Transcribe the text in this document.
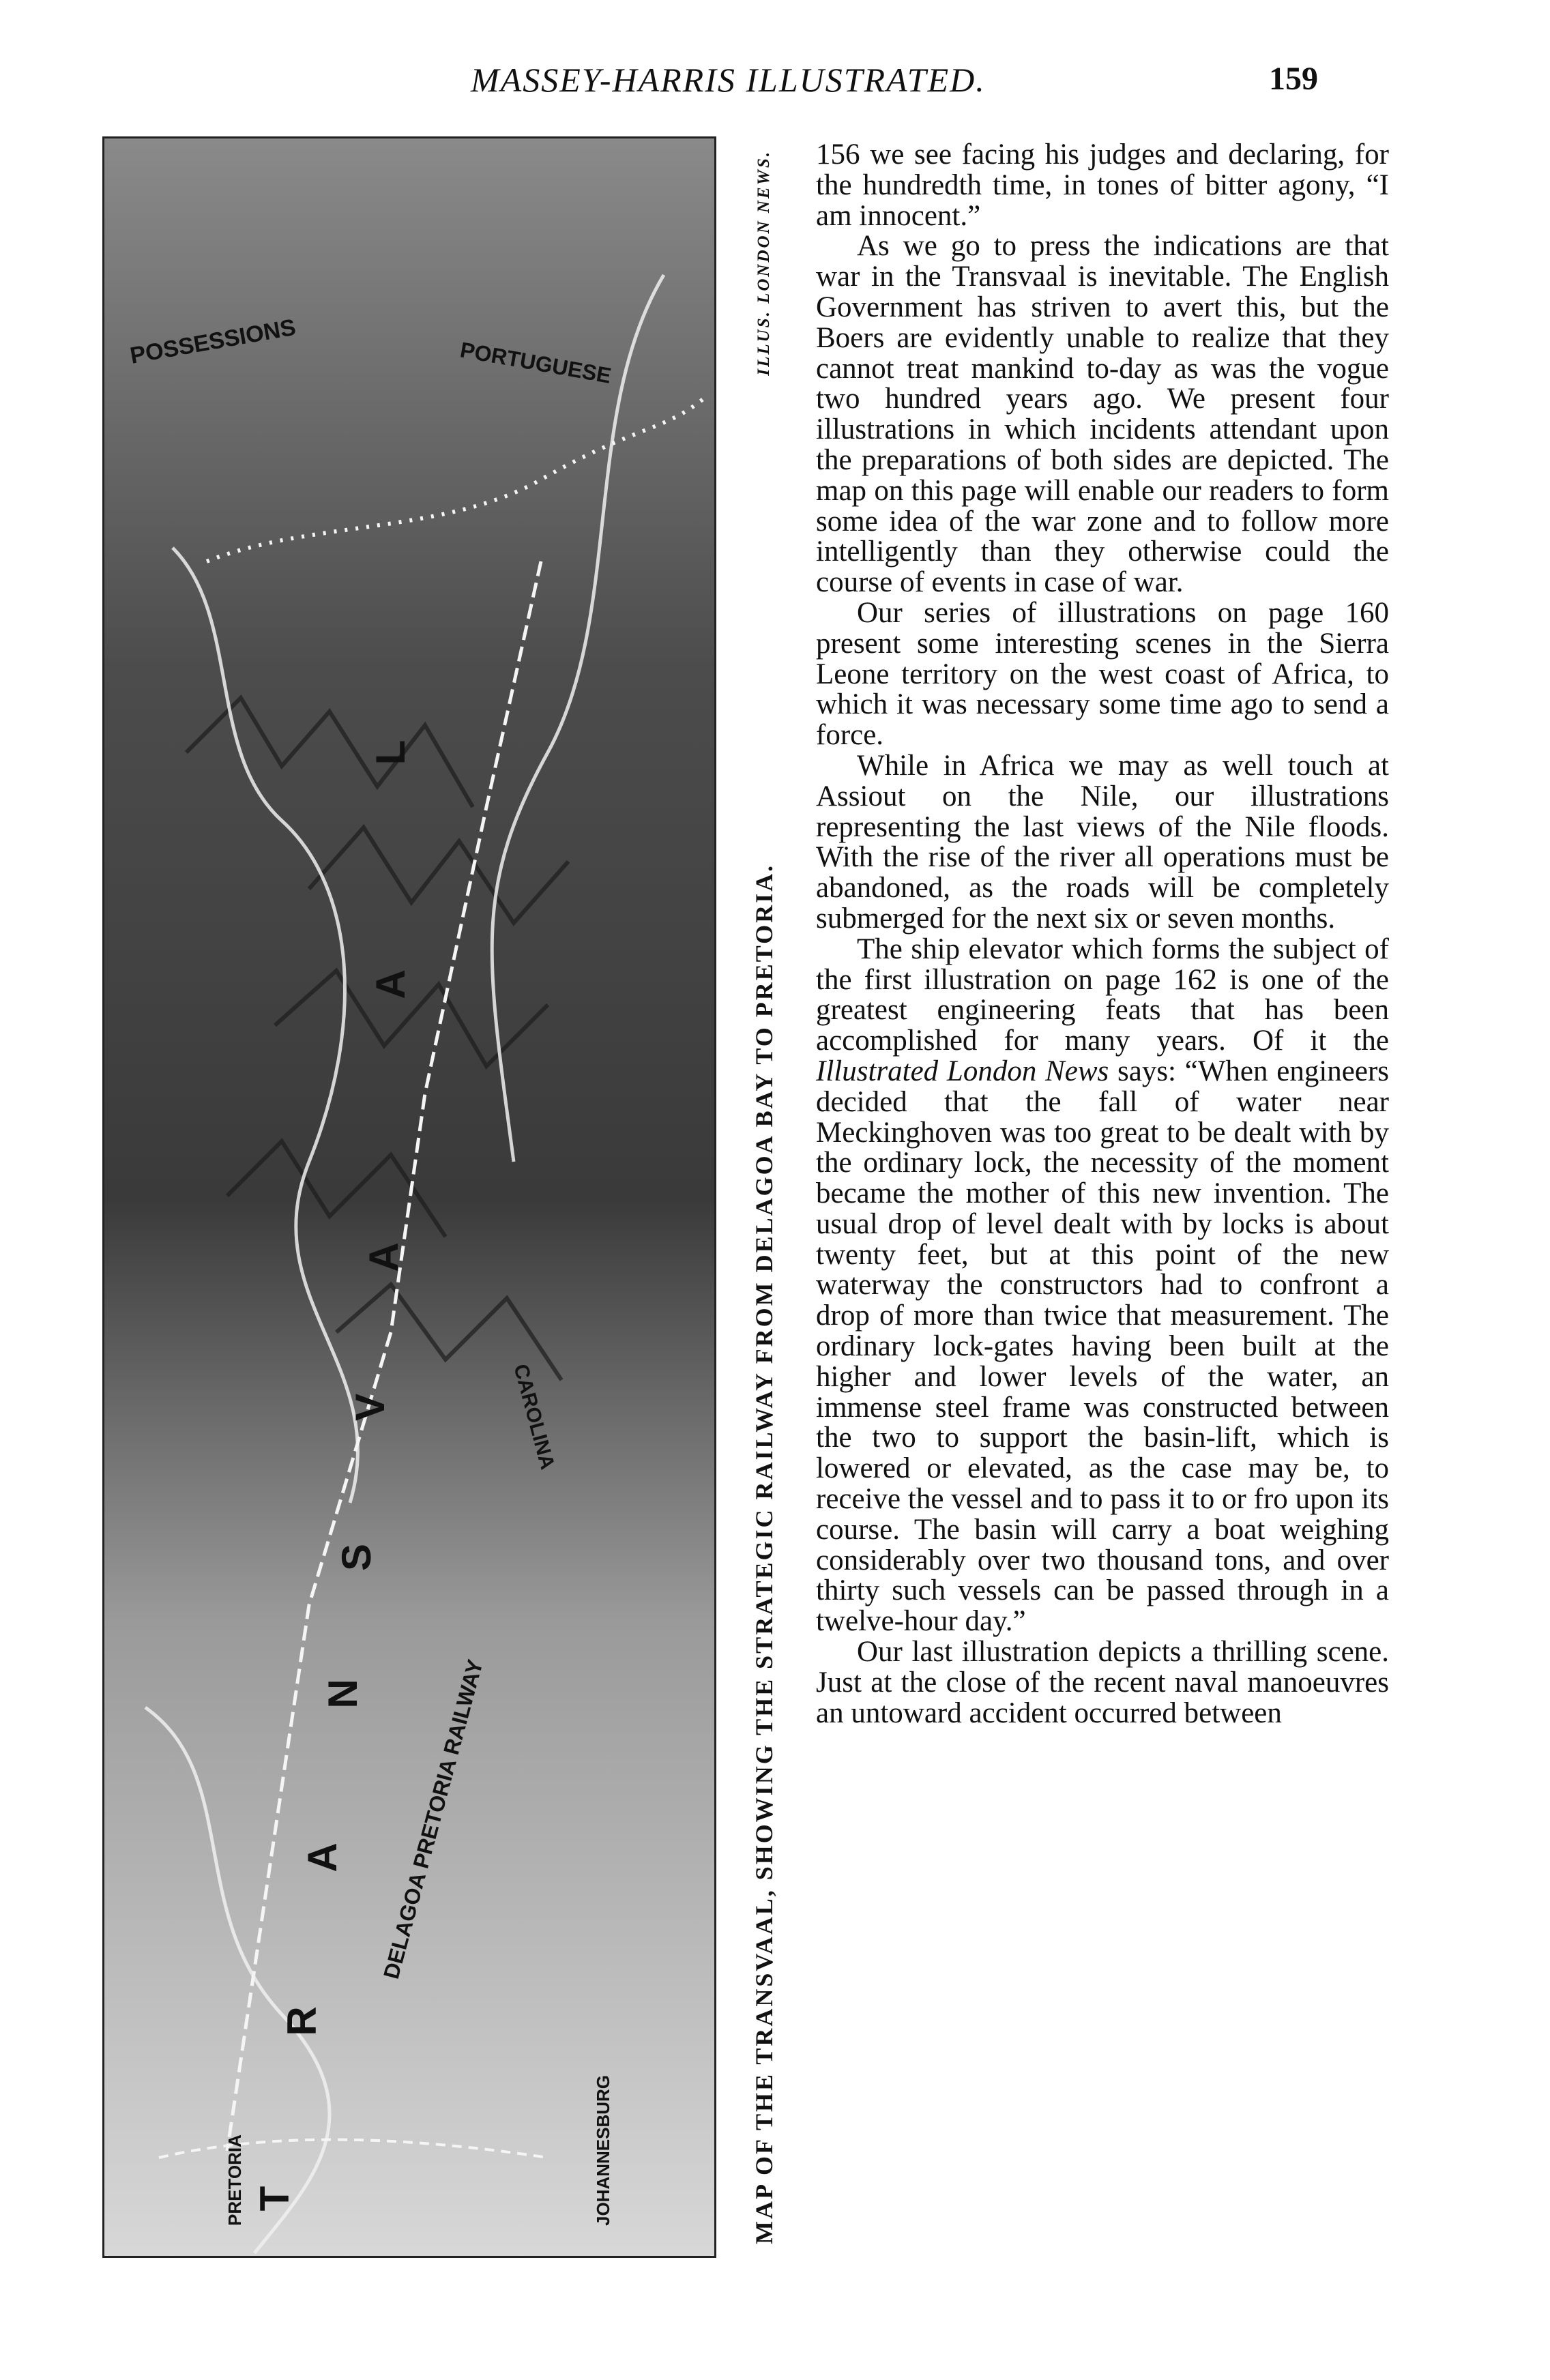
MASSEY-HARRIS ILLUSTRATED.	159
POSSESSIONS	PORTUGUESE
DELAGOA PRETORIA RAILWAY
CAROLINA
PRETORIA	JOHANNESBURG
T
R
A
N
S
V
A
A
L
MAP OF THE TRANSVAAL, SHOWING THE STRATEGIC RAILWAY FROM DELAGOA BAY TO PRETORIA.
ILLUS. LONDON NEWS. 156 we see facing his judges and declaring, for the hundredth time, in tones of bitter agony, “I am innocent.”

As we go to press the indications are that war in the Transvaal is inevitable. The English Government has striven to avert this, but the Boers are evidently unable to realize that they cannot treat mankind to-day as was the vogue two hundred years ago. We present four illustrations in which incidents attendant upon the preparations of both sides are depicted. The map on this page will enable our readers to form some idea of the war zone and to follow more intelligently than they otherwise could the course of events in case of war.

Our series of illustrations on page 160 present some interesting scenes in the Sierra Leone territory on the west coast of Africa, to which it was necessary some time ago to send a force.

While in Africa we may as well touch at Assiout on the Nile, our illustrations representing the last views of the Nile floods. With the rise of the river all operations must be abandoned, as the roads will be completely submerged for the next six or seven months.

The ship elevator which forms the subject of the first illustration on page 162 is one of the greatest engineering feats that has been accomplished for many years. Of it the Illustrated London News says: “When engineers decided that the fall of water near Meckinghoven was too great to be dealt with by the ordinary lock, the necessity of the moment became the mother of this new invention. The usual drop of level dealt with by locks is about twenty feet, but at this point of the new waterway the constructors had to confront a drop of more than twice that measurement. The ordinary lock-gates having been built at the higher and lower levels of the water, an immense steel frame was constructed between the two to support the basin-lift, which is lowered or elevated, as the case may be, to receive the vessel and to pass it to or fro upon its course. The basin will carry a boat weighing considerably over two thousand tons, and over thirty such vessels can be passed through in a twelve-hour day.”

Our last illustration depicts a thrilling scene. Just at the close of the recent naval manoeuvres an untoward accident occurred between
